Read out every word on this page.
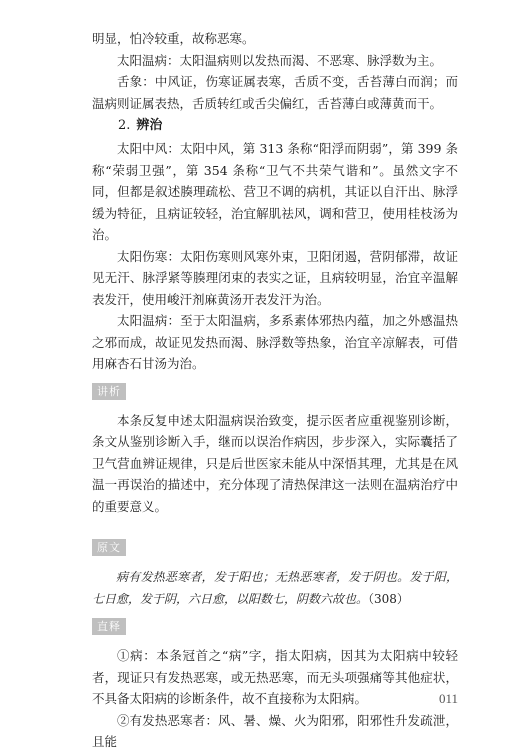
明显，怕冷较重，故称恶寒。

太阳温病：太阳温病则以发热而渴、不恶寒、脉浮数为主。

舌象：中风证，伤寒证属表寒，舌质不变，舌苔薄白而润；而温病则证属表热，舌质转红或舌尖偏红，舌苔薄白或薄黄而干。

2. 辨治

太阳中风：太阳中风，第 313 条称“阳浮而阴弱”，第 399 条称“荣弱卫强”，第 354 条称“卫气不共荣气谐和”。虽然文字不同，但都是叙述腠理疏松、营卫不调的病机，其证以自汗出、脉浮缓为特征，且病证较轻，治宜解肌祛风，调和营卫，使用桂枝汤为治。

太阳伤寒：太阳伤寒则风寒外束，卫阳闭遏，营阴郁滞，故证见无汗、脉浮紧等腠理闭束的表实之证，且病较明显，治宜辛温解表发汗，使用峻汗剂麻黄汤开表发汗为治。

太阳温病：至于太阳温病，多系素体邪热内蕴，加之外感温热之邪而成，故证见发热而渴、脉浮数等热象，治宜辛凉解表，可借用麻杏石甘汤为治。

讲析

本条反复申述太阳温病误治致变，提示医者应重视鉴别诊断，条文从鉴别诊断入手，继而以误治作病因，步步深入，实际囊括了卫气营血辨证规律，只是后世医家未能从中深悟其理，尤其是在风温一再误治的描述中，充分体现了清热保津这一法则在温病治疗中的重要意义。

原文

病有发热恶寒者，发于阳也；无热恶寒者，发于阴也。发于阳，七日愈，发于阴，六日愈，以阳数七，阴数六故也。（308）

直释

①病：本条冠首之“病”字，指太阳病，因其为太阳病中较轻者，现证只有发热恶寒，或无热恶寒，而无头项强痛等其他症状，不具备太阳病的诊断条件，故不直接称为太阳病。

②有发热恶寒者：风、暑、燥、火为阳邪，阳邪性升发疏泄，且能

011
